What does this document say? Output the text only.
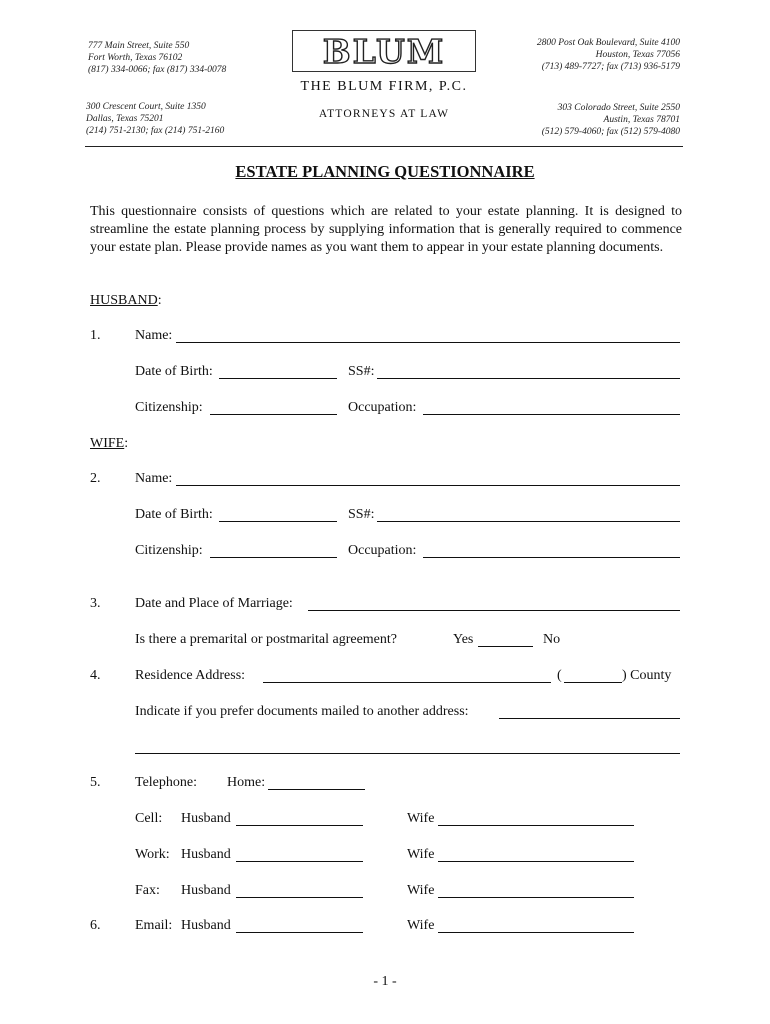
777 Main Street, Suite 550
Fort Worth, Texas 76102
(817) 334-0066; fax (817) 334-0078	BLUM
THE BLUM FIRM, P.C.
ATTORNEYS AT LAW
2800 Post Oak Boulevard, Suite 4100
Houston, Texas 77056
(713) 489-7727; fax (713) 936-5179
300 Crescent Court, Suite 1350
Dallas, Texas 75201
(214) 751-2130; fax (214) 751-2160
303 Colorado Street, Suite 2550
Austin, Texas 78701
(512) 579-4060; fax (512) 579-4080
ESTATE PLANNING QUESTIONNAIRE
This questionnaire consists of questions which are related to your estate planning. It is designed to streamline the estate planning process by supplying information that is generally required to commence your estate plan. Please provide names as you want them to appear in your estate planning documents.
HUSBAND:
1. Name:
Date of Birth:	SS#:
Citizenship:	Occupation:
WIFE:
2. Name:
Date of Birth:	SS#:
Citizenship:	Occupation:
3. Date and Place of Marriage:
Is there a premarital or postmarital agreement?	Yes	No
4. Residence Address:	(	) County
Indicate if you prefer documents mailed to another address:
5. Telephone: Home:
Cell: Husband	Wife
Work: Husband	Wife
Fax: Husband	Wife
6. Email: Husband	Wife
- 1 -
